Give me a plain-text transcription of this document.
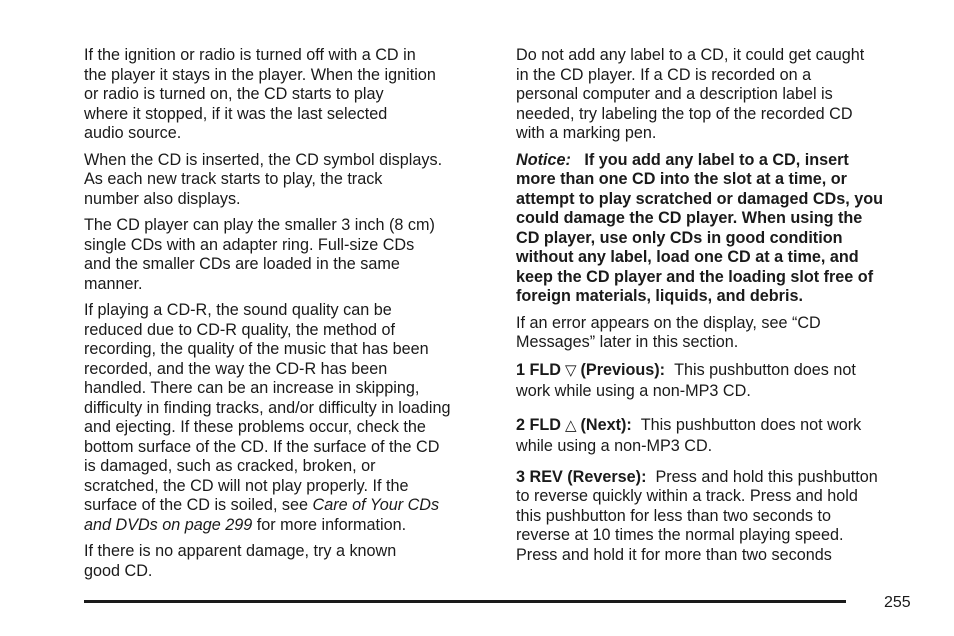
If the ignition or radio is turned off with a CD in
the player it stays in the player. When the ignition
or radio is turned on, the CD starts to play
where it stopped, if it was the last selected
audio source.

When the CD is inserted, the CD symbol displays.
As each new track starts to play, the track
number also displays.

The CD player can play the smaller 3 inch (8 cm)
single CDs with an adapter ring. Full-size CDs
and the smaller CDs are loaded in the same
manner.

If playing a CD-R, the sound quality can be
reduced due to CD-R quality, the method of
recording, the quality of the music that has been
recorded, and the way the CD-R has been
handled. There can be an increase in skipping,
difficulty in finding tracks, and/or difficulty in loading
and ejecting. If these problems occur, check the
bottom surface of the CD. If the surface of the CD
is damaged, such as cracked, broken, or
scratched, the CD will not play properly. If the
surface of the CD is soiled, see Care of Your CDs
and DVDs on page 299 for more information.

If there is no apparent damage, try a known
good CD.

Do not add any label to a CD, it could get caught
in the CD player. If a CD is recorded on a
personal computer and a description label is
needed, try labeling the top of the recorded CD
with a marking pen.

Notice: If you add any label to a CD, insert
more than one CD into the slot at a time, or
attempt to play scratched or damaged CDs, you
could damage the CD player. When using the
CD player, use only CDs in good condition
without any label, load one CD at a time, and
keep the CD player and the loading slot free of
foreign materials, liquids, and debris.

If an error appears on the display, see “CD
Messages” later in this section.

1 FLD ▽ (Previous): This pushbutton does not
work while using a non-MP3 CD.

2 FLD △ (Next): This pushbutton does not work
while using a non-MP3 CD.

3 REV (Reverse): Press and hold this pushbutton
to reverse quickly within a track. Press and hold
this pushbutton for less than two seconds to
reverse at 10 times the normal playing speed.
Press and hold it for more than two seconds

255
